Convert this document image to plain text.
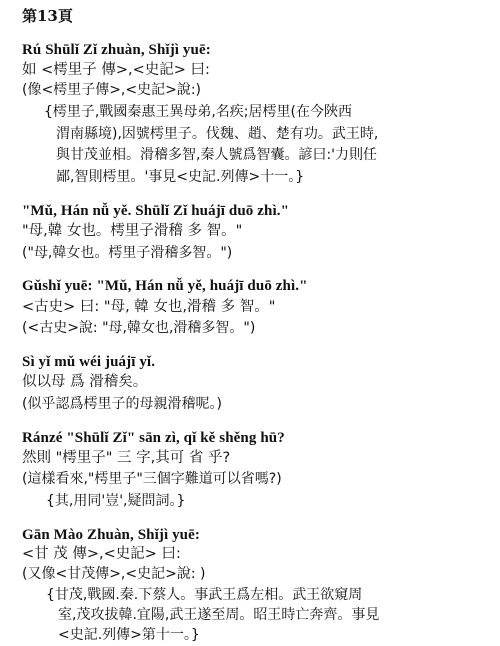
第13頁
Rú Shūlǐ Zǐ zhuàn, Shǐjì yuē:
如 <樗里子 傳>,<史記> 曰:
(像<樗里子傳>,<史記>說:)
{樗里子,戰國秦惠王異母弟,名疾;居樗里(在今陜西
渭南縣境),因號樗里子。伐魏、趙、楚有功。武王時,
與甘茂並相。滑稽多智,秦人號爲智囊。諺曰:'力則任
鄙,智則樗里。'事見<史記.列傳>十一。}
"Mǔ, Hán nǚ yě. Shūlǐ Zǐ huájī duō zhì."
"母,韓 女也。樗里子滑稽 多 智。"
("母,韓女也。樗里子滑稽多智。")
Gǔshǐ yuē: "Mǔ, Hán nǚ yě, huájī duō zhì."
<古史> 曰: "母, 韓 女也,滑稽 多 智。"
(<古史>說: "母,韓女也,滑稽多智。")
Sì yǐ mǔ wéi juájī yǐ.
似以母 爲 滑稽矣。
(似乎認爲樗里子的母親滑稽呢。)
Ránzé "Shūlǐ Zǐ" sān zì, qǐ kě shěng hū?
然則 "樗里子" 三 字,其可 省 乎?
(這樣看來,"樗里子"三個字難道可以省嗎?)
{其,用同'豈',疑問詞。}
Gān Mào Zhuàn, Shǐjì yuē:
<甘 茂 傳>,<史記> 曰:
(又像<甘茂傳>,<史記>說: )
{甘茂,戰國.秦.下蔡人。事武王爲左相。武王欲窺周
室,茂攻拔韓.宜陽,武王遂至周。昭王時亡奔齊。事見
<史記.列傳>第十一。}
